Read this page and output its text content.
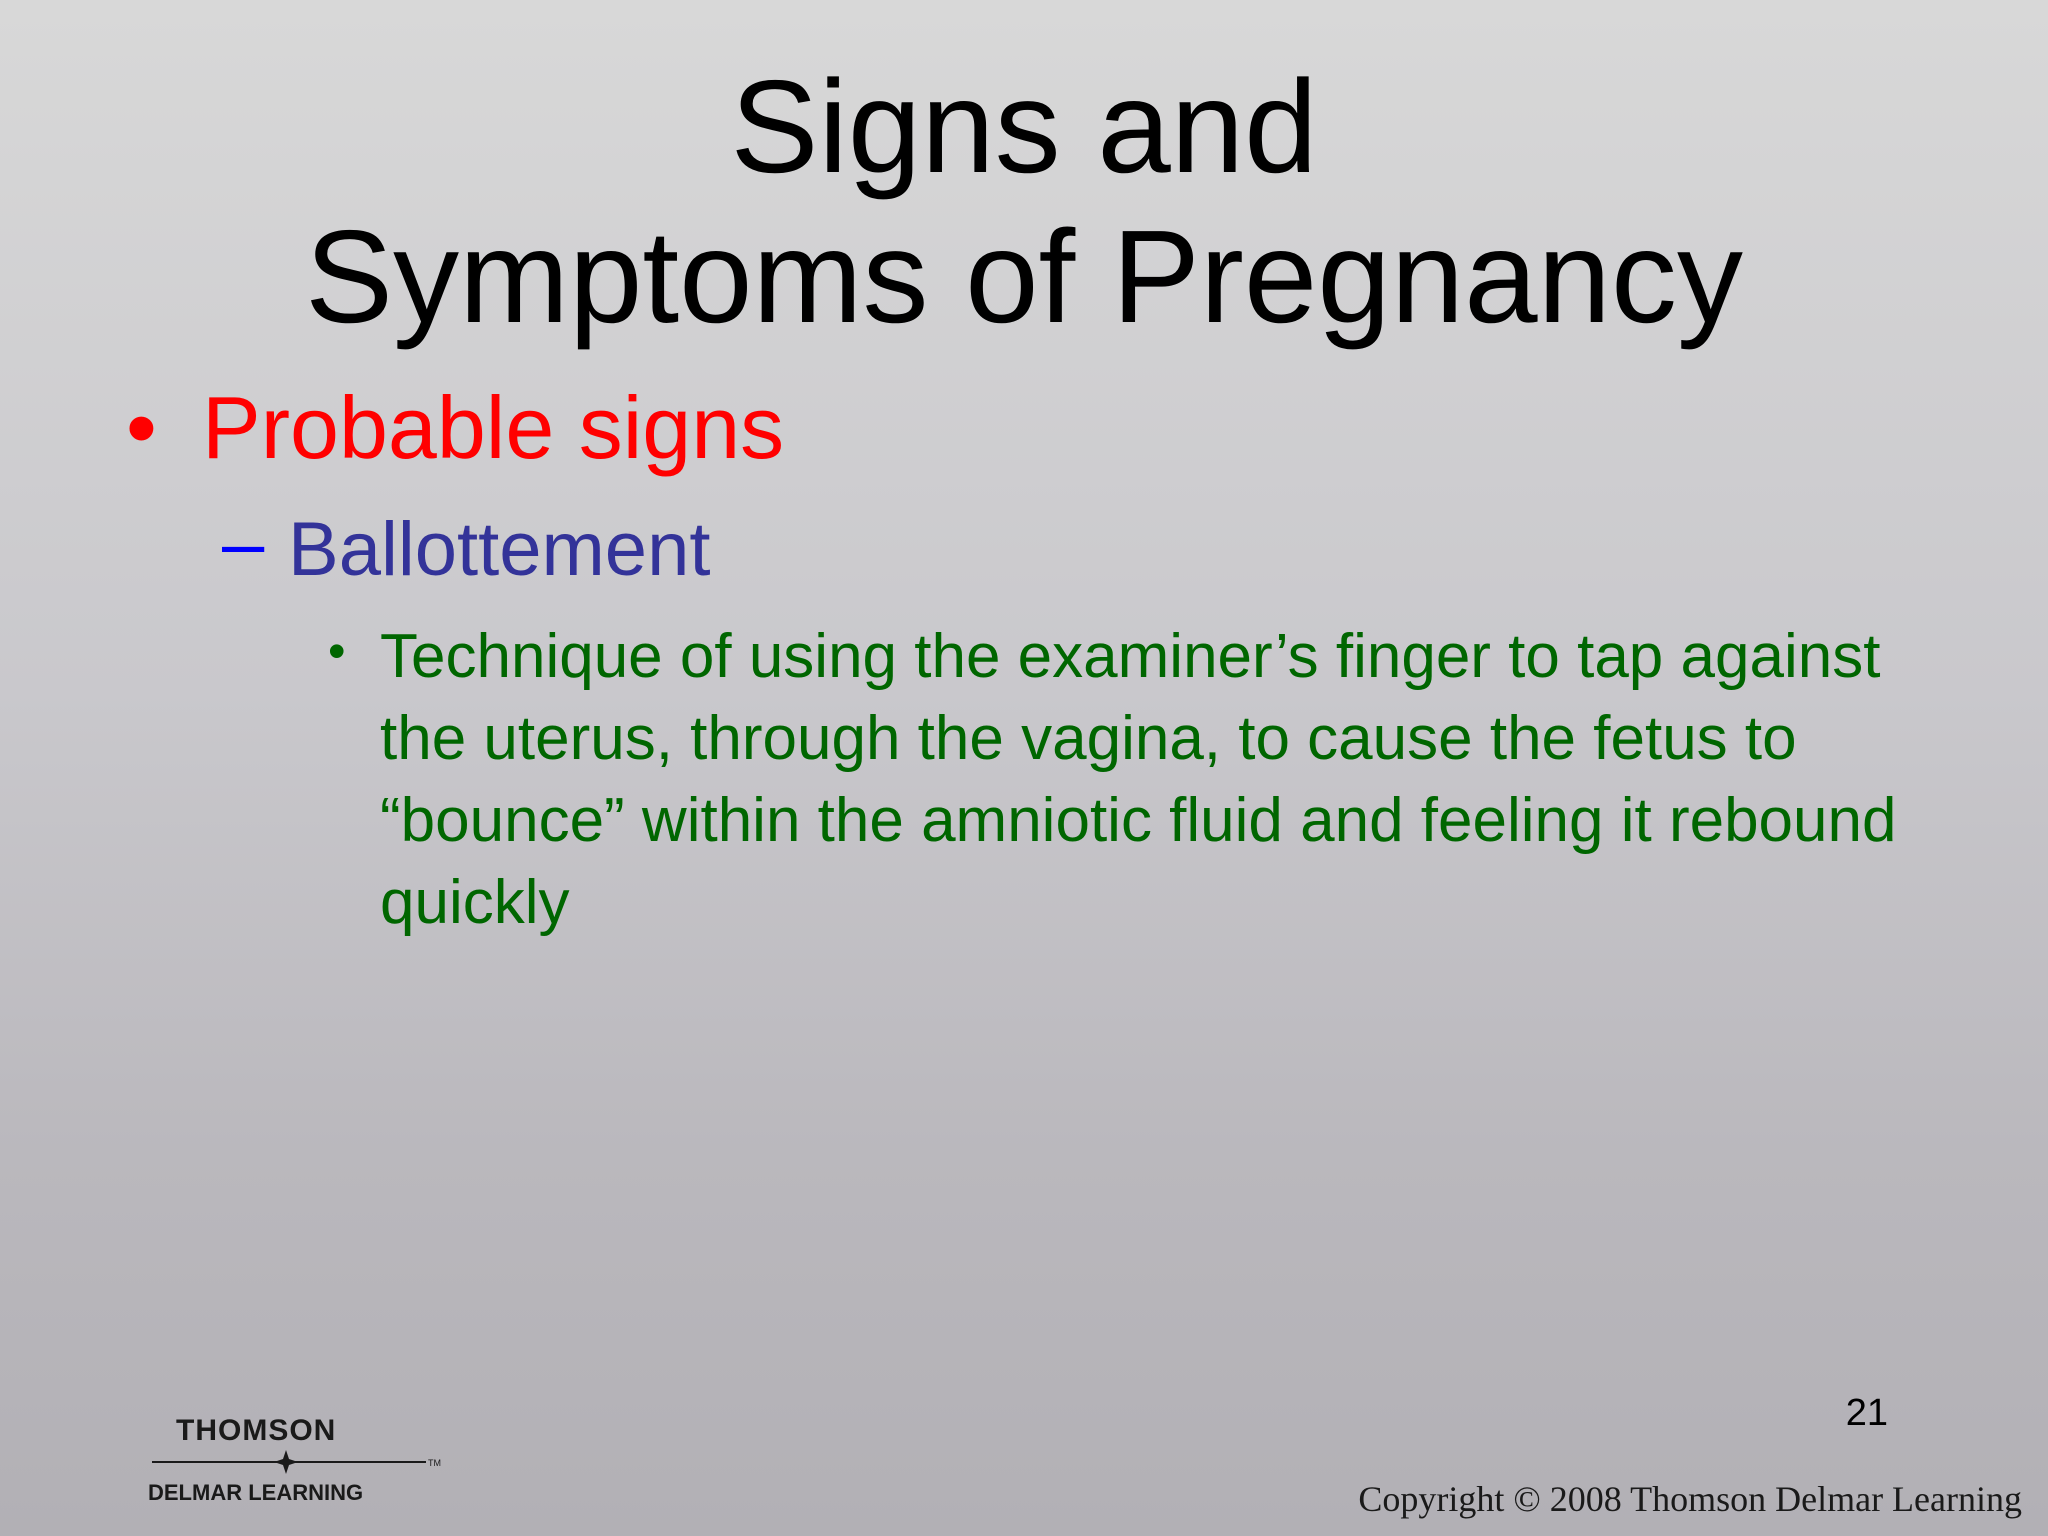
Signs and
Symptoms of Pregnancy
• Probable signs
– Ballottement
• Technique of using the examiner’s finger to tap against the uterus, through the vagina, to cause the fetus to “bounce” within the amniotic fluid and feeling it rebound quickly
THOMSON
TM
DELMAR LEARNING
21
Copyright © 2008 Thomson Delmar Learning
